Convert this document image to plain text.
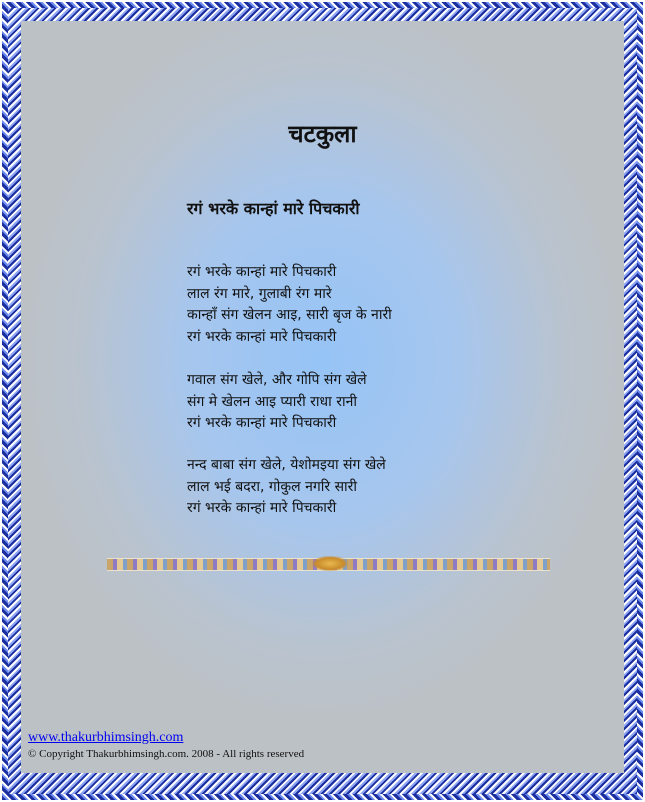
चटकुला
रगं भरके कान्हां मारे पिचकारी
रगं भरके कान्हां मारे पिचकारी
लाल रंग मारे, गुलाबी रंग मारे
कान्हाँ संग खेलन आइ, सारी बृज के नारी
रगं भरके कान्हां मारे पिचकारी
गवाल संग खेले, और गोपि संग खेले
संग मे खेलन आइ प्यारी राधा रानी
रगं भरके कान्हां मारे पिचकारी
नन्द बाबा संग खेले, येशोमइया संग खेले
लाल भई बदरा, गोकुल नगरि सारी
रगं भरके कान्हां मारे पिचकारी
www.thakurbhimsingh.com
© Copyright Thakurbhimsingh.com. 2008 - All rights reserved
